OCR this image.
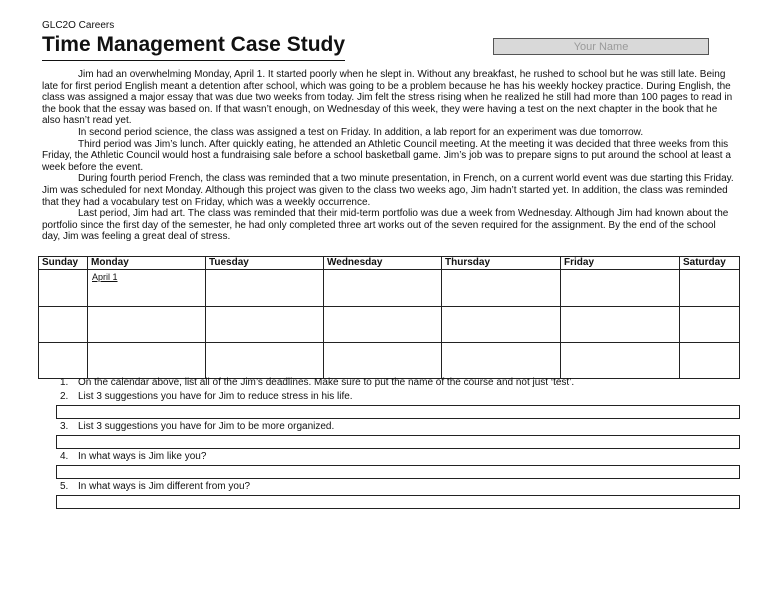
GLC2O Careers
Time Management Case Study
Your Name

Jim had an overwhelming Monday, April 1. It started poorly when he slept in. Without any breakfast, he rushed to school but he was still late. Being late for first period English meant a detention after school, which was going to be a problem because he has his weekly hockey practice. During English, the class was assigned a major essay that was due two weeks from today. Jim felt the stress rising when he realized he still had more than 100 pages to read in the book that the essay was based on. If that wasn’t enough, on Wednesday of this week, they were having a test on the next chapter in the book that he also hasn’t read yet.

In second period science, the class was assigned a test on Friday. In addition, a lab report for an experiment was due tomorrow.

Third period was Jim’s lunch. After quickly eating, he attended an Athletic Council meeting. At the meeting it was decided that three weeks from this Friday, the Athletic Council would host a fundraising sale before a school basketball game. Jim’s job was to prepare signs to put around the school at least a week before the event.

During fourth period French, the class was reminded that a two minute presentation, in French, on a current world event was due starting this Friday. Jim was scheduled for next Monday. Although this project was given to the class two weeks ago, Jim hadn’t started yet. In addition, the class was reminded that they had a vocabulary test on Friday, which was a weekly occurrence.

Last period, Jim had art. The class was reminded that their mid-term portfolio was due a week from Wednesday. Although Jim had known about the portfolio since the first day of the semester, he had only completed three art works out of the seven required for the assignment. By the end of the school day, Jim was feeling a great deal of stress.

Sunday	Monday	Tuesday	Wednesday	Thursday	Friday	Saturday
	April 1					

1. On the calendar above, list all of the Jim’s deadlines. Make sure to put the name of the course and not just ‘test’.
2. List 3 suggestions you have for Jim to reduce stress in his life.
3. List 3 suggestions you have for Jim to be more organized.
4. In what ways is Jim like you?
5. In what ways is Jim different from you?
